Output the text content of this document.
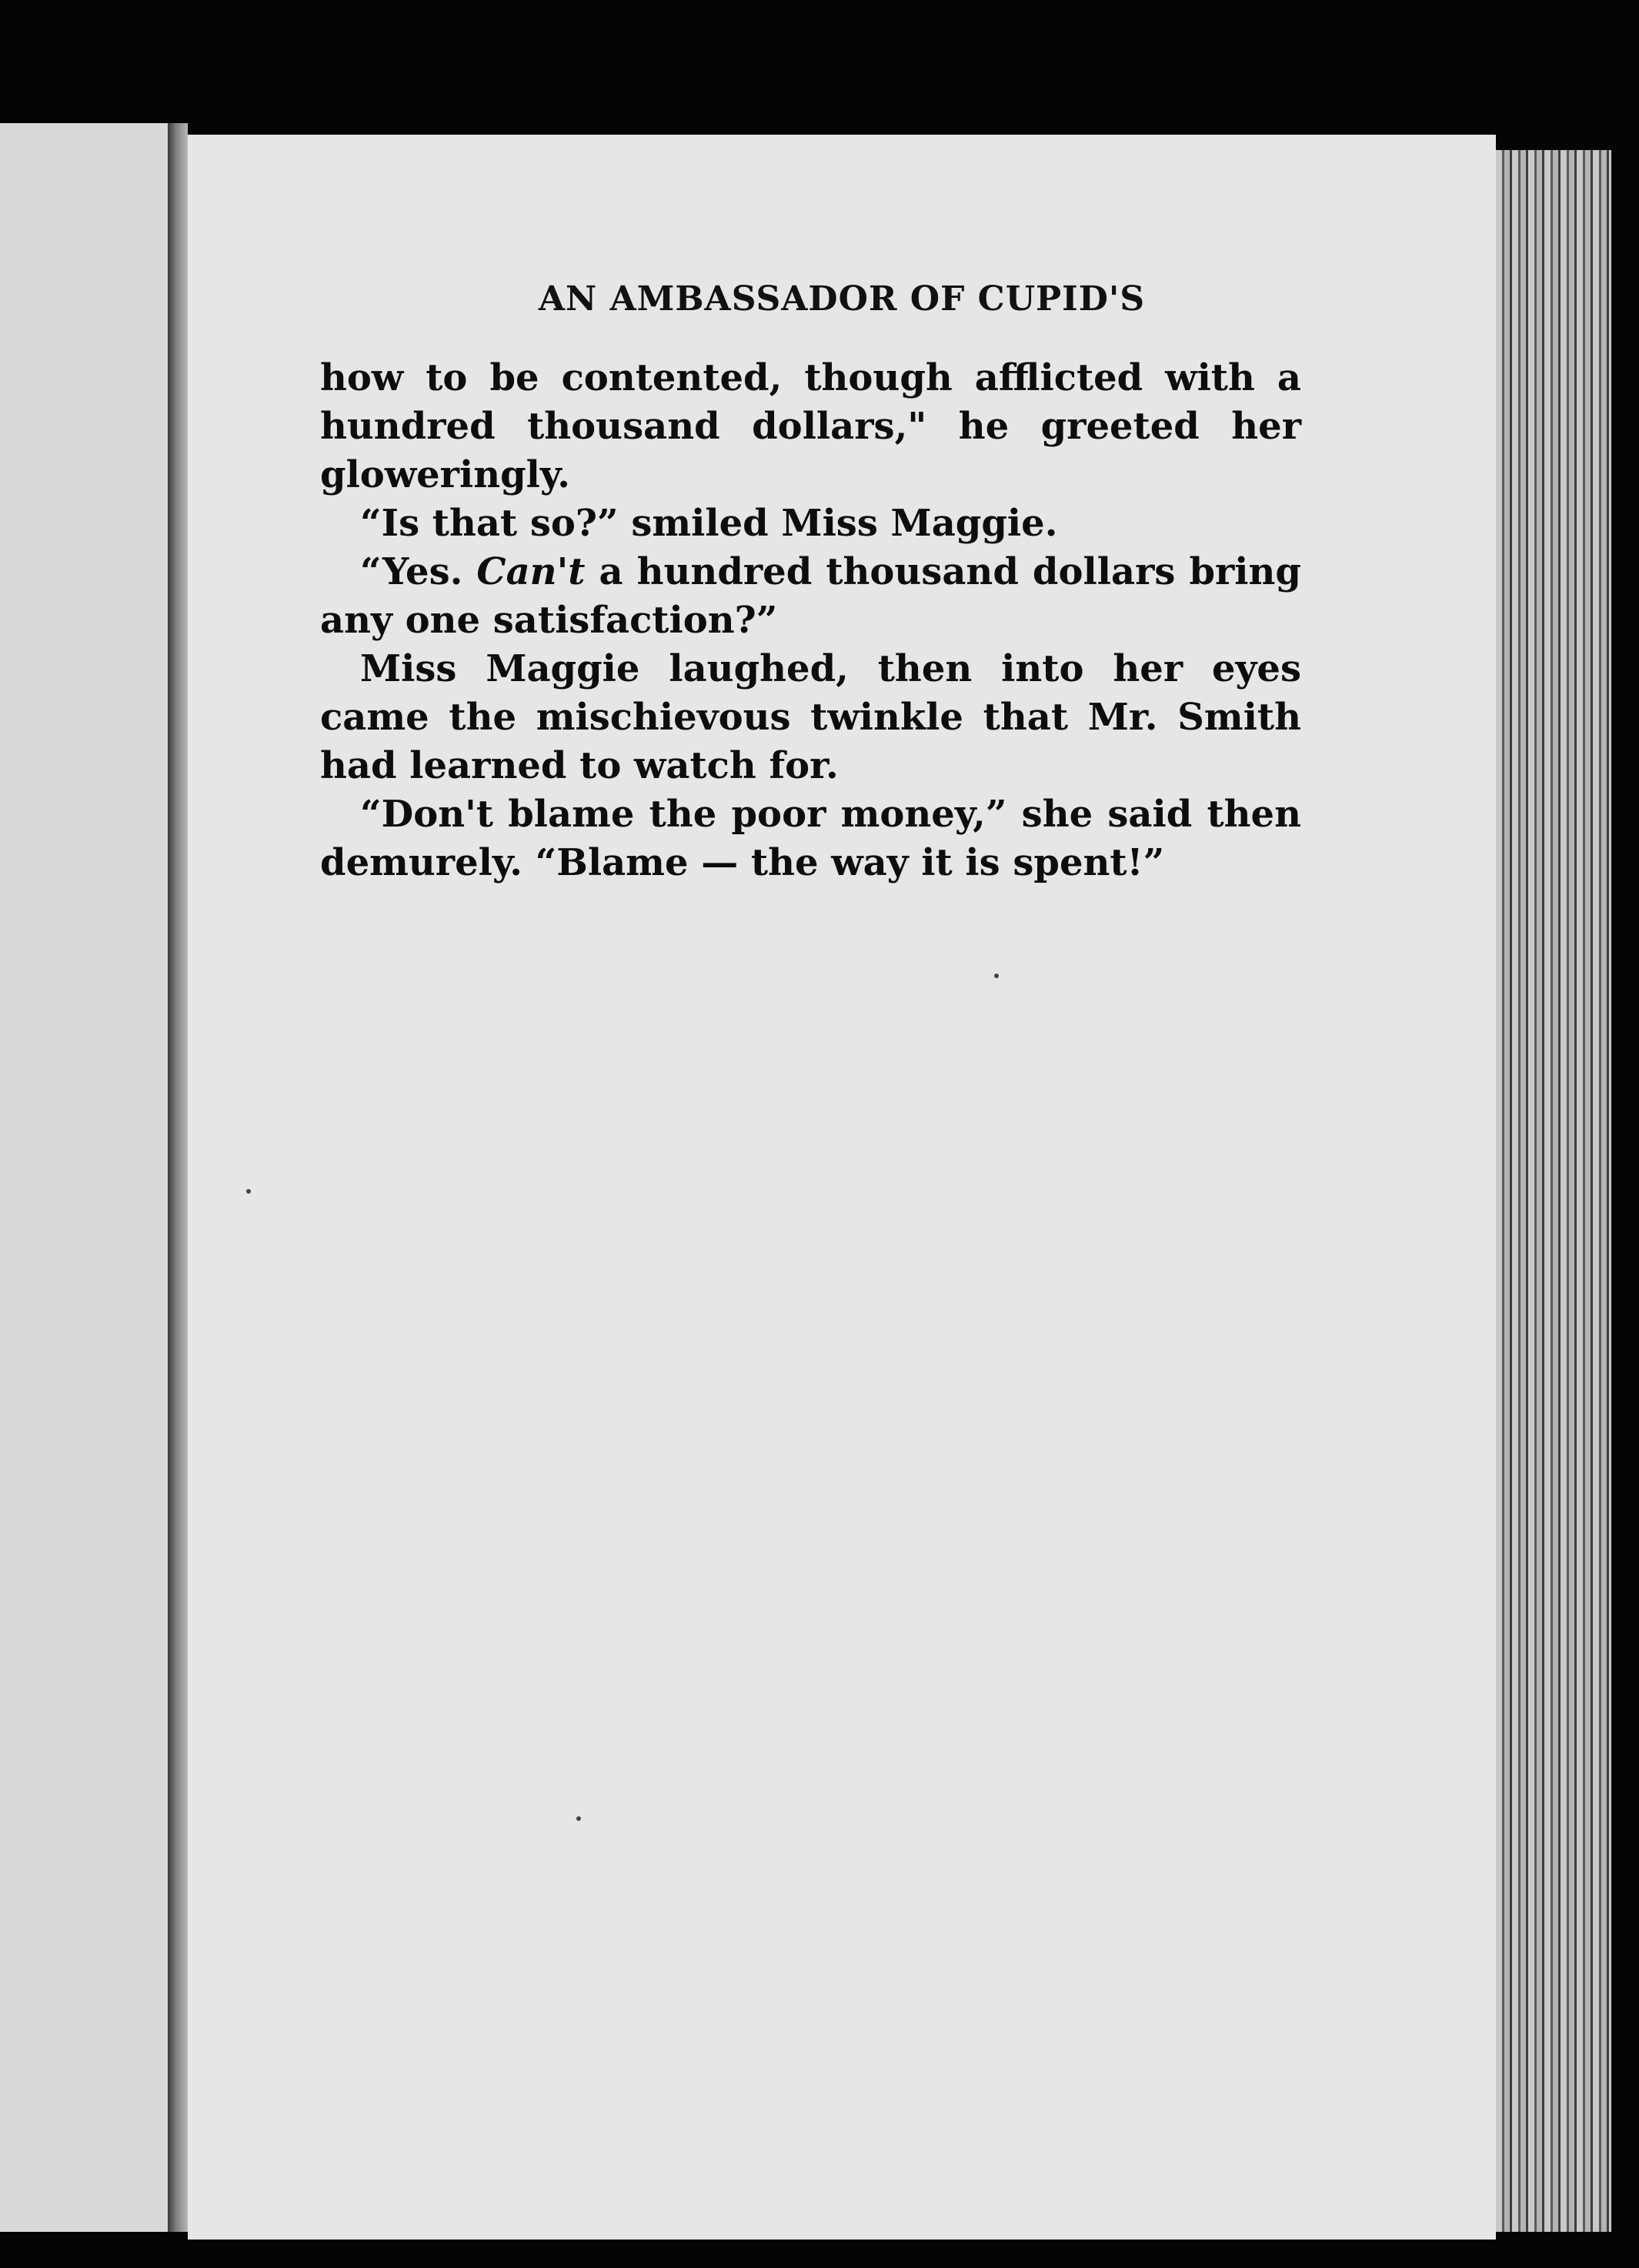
AN AMBASSADOR OF CUPID'S

how to be contented, though afflicted with a hundred thousand dollars," he greeted her gloweringly.

“Is that so?” smiled Miss Maggie.

“Yes. Can't a hundred thousand dollars bring any one satisfaction?”

Miss Maggie laughed, then into her eyes came the mischievous twinkle that Mr. Smith had learned to watch for.

“Don't blame the poor money,” she said then demurely. “Blame — the way it is spent!”
